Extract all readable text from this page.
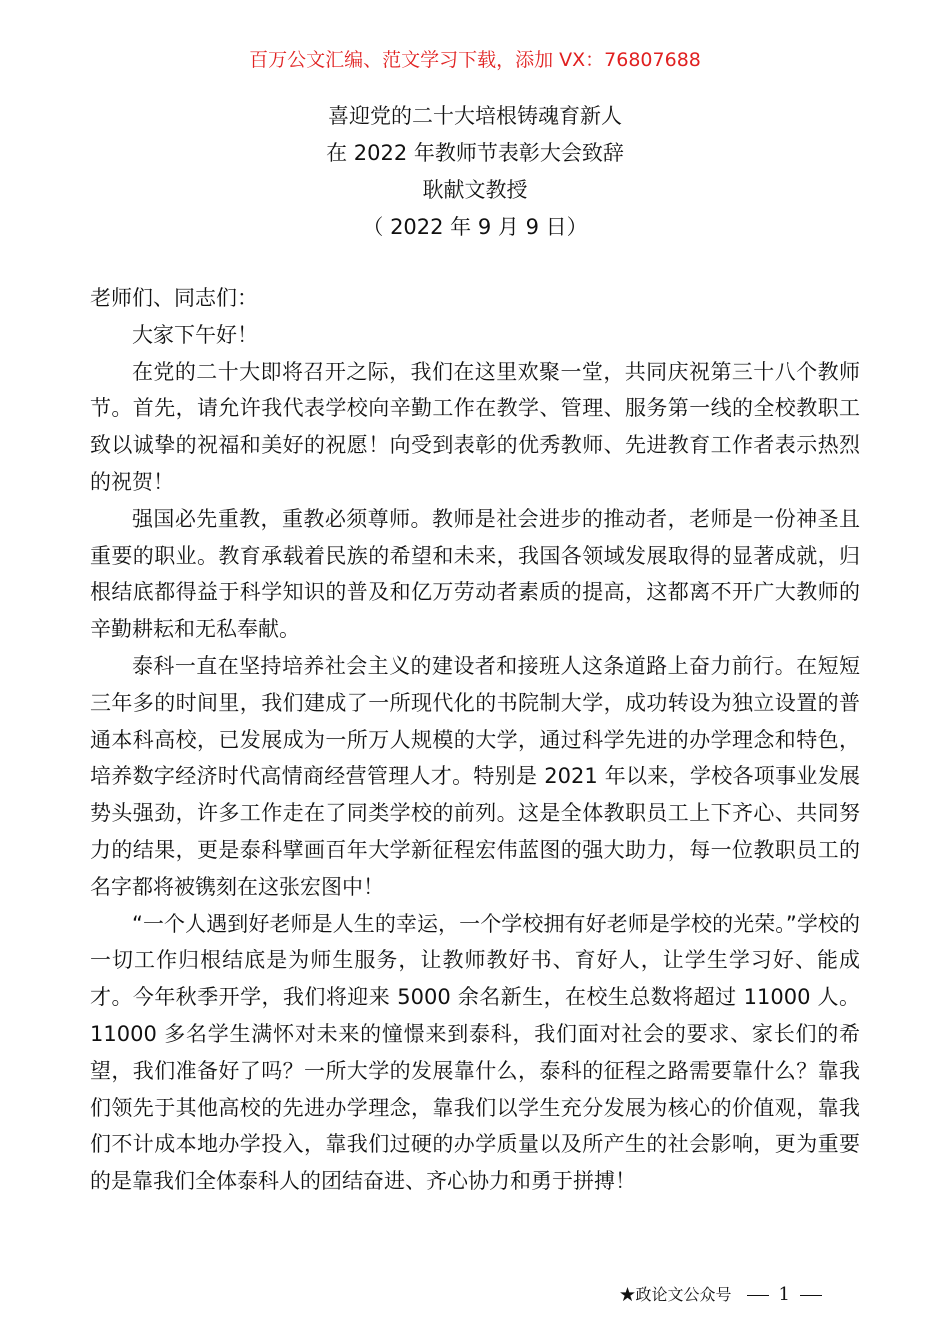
百万公文汇编、范文学习下载，添加 VX：76807688

喜迎党的二十大培根铸魂育新人

在 2022 年教师节表彰大会致辞

耿献文教授

（ 2022 年 9 月 9 日）

老师们、同志们：

大家下午好！

在党的二十大即将召开之际，我们在这里欢聚一堂，共同庆祝第三十八个教师节。首先，请允许我代表学校向辛勤工作在教学、管理、服务第一线的全校教职工致以诚挚的祝福和美好的祝愿！向受到表彰的优秀教师、先进教育工作者表示热烈的祝贺！

强国必先重教，重教必须尊师。教师是社会进步的推动者，老师是一份神圣且重要的职业。教育承载着民族的希望和未来，我国各领域发展取得的显著成就，归根结底都得益于科学知识的普及和亿万劳动者素质的提高，这都离不开广大教师的辛勤耕耘和无私奉献。

泰科一直在坚持培养社会主义的建设者和接班人这条道路上奋力前行。在短短三年多的时间里，我们建成了一所现代化的书院制大学，成功转设为独立设置的普通本科高校，已发展成为一所万人规模的大学，通过科学先进的办学理念和特色，培养数字经济时代高情商经营管理人才。特别是 2021 年以来，学校各项事业发展势头强劲，许多工作走在了同类学校的前列。这是全体教职员工上下齐心、共同努力的结果，更是泰科擘画百年大学新征程宏伟蓝图的强大助力，每一位教职员工的名字都将被镌刻在这张宏图中！

“一个人遇到好老师是人生的幸运，一个学校拥有好老师是学校的光荣。”学校的一切工作归根结底是为师生服务，让教师教好书、育好人，让学生学习好、能成才。今年秋季开学，我们将迎来 5000 余名新生，在校生总数将超过 11000 人。11000 多名学生满怀对未来的憧憬来到泰科，我们面对社会的要求、家长们的希望，我们准备好了吗？一所大学的发展靠什么，泰科的征程之路需要靠什么？靠我们领先于其他高校的先进办学理念，靠我们以学生充分发展为核心的价值观，靠我们不计成本地办学投入，靠我们过硬的办学质量以及所产生的社会影响，更为重要的是靠我们全体泰科人的团结奋进、齐心协力和勇于拼搏！

★政论文公众号	1
